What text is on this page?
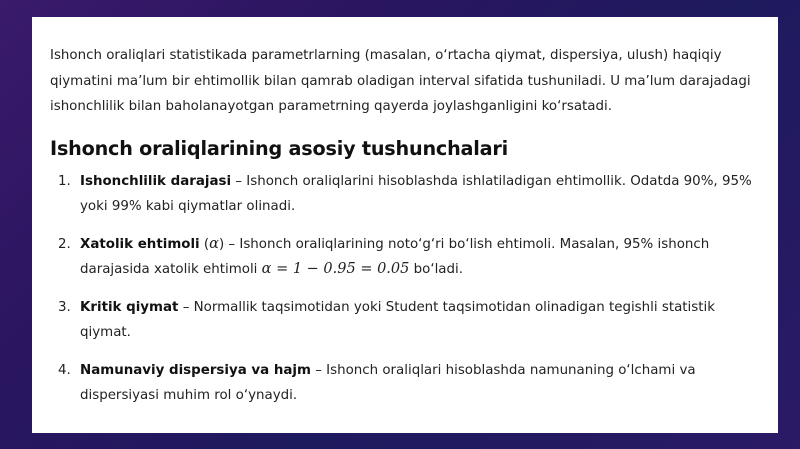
Ishonch oraliqlari statistikada parametrlarning (masalan, o‘rtacha qiymat, dispersiya, ulush) haqiqiy qiymatini ma’lum bir ehtimollik bilan qamrab oladigan interval sifatida tushuniladi. U ma’lum darajadagi ishonchlilik bilan baholanayotgan parametrning qayerda joylashganligini ko‘rsatadi.

Ishonch oraliqlarining asosiy tushunchalari
1. Ishonchlilik darajasi – Ishonch oraliqlarini hisoblashda ishlatiladigan ehtimollik. Odatda 90%, 95% yoki 99% kabi qiymatlar olinadi.
2. Xatolik ehtimoli (α) – Ishonch oraliqlarining noto‘g‘ri bo‘lish ehtimoli. Masalan, 95% ishonch darajasida xatolik ehtimoli α = 1 − 0.95 = 0.05 bo‘ladi.
3. Kritik qiymat – Normallik taqsimotidan yoki Student taqsimotidan olinadigan tegishli statistik qiymat.
4. Namunaviy dispersiya va hajm – Ishonch oraliqlari hisoblashda namunaning o‘lchami va dispersiyasi muhim rol o‘ynaydi.
